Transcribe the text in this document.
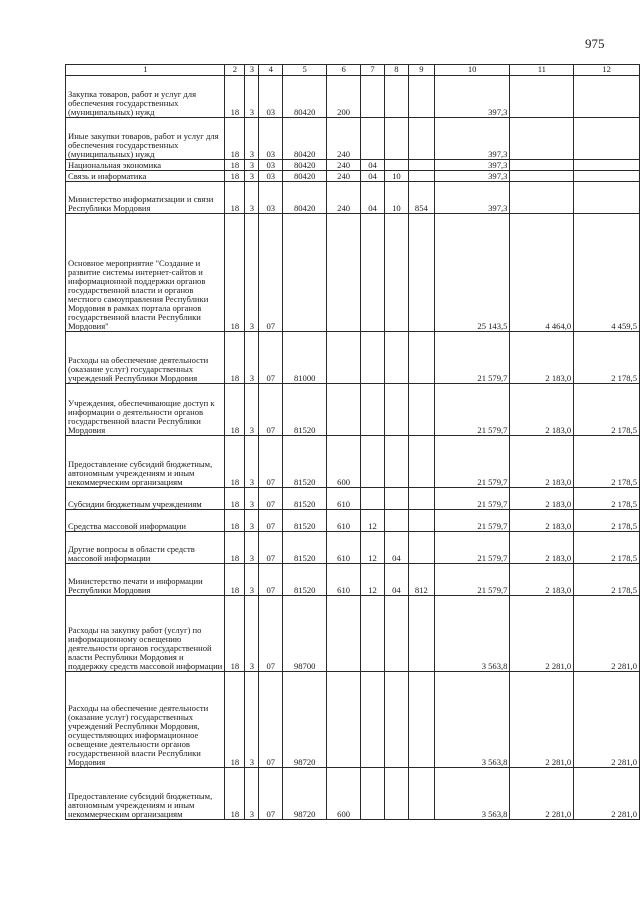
975
1	2	3	4	5	6	7	8	9	10	11	12
Закупка товаров, работ и услуг для обеспечения государственных (муниципальных) нужд	18	3	03	80420	200				397,3		
Иные закупки товаров, работ и услуг для обеспечения государственных (муниципальных) нужд	18	3	03	80420	240				397,3		
Национальная экономика	18	3	03	80420	240	04			397,3		
Связь и информатика	18	3	03	80420	240	04	10		397,3		
Министерство информатизации и связи Республики Мордовия	18	3	03	80420	240	04	10	854	397,3		
Основное мероприятие "Создание и развитие системы интернет-сайтов и информационной поддержки органов государственной власти и органов местного самоуправления Республики Мордовия в рамках портала органов государственной власти Республики Мордовия"	18	3	07						25 143,5	4 464,0	4 459,5
Расходы на обеспечение деятельности (оказание услуг) государственных учреждений Республики Мордовия	18	3	07	81000					21 579,7	2 183,0	2 178,5
Учреждения, обеспечивающие доступ к информации о деятельности органов государственной власти Республики Мордовия	18	3	07	81520					21 579,7	2 183,0	2 178,5
Предоставление субсидий бюджетным, автономным учреждениям и иным некоммерческим организациям	18	3	07	81520	600				21 579,7	2 183,0	2 178,5
Субсидии бюджетным учреждениям	18	3	07	81520	610				21 579,7	2 183,0	2 178,5
Средства массовой информации	18	3	07	81520	610	12			21 579,7	2 183,0	2 178,5
Другие вопросы в области средств массовой информации	18	3	07	81520	610	12	04		21 579,7	2 183,0	2 178,5
Министерство печати и информации Республики Мордовия	18	3	07	81520	610	12	04	812	21 579,7	2 183,0	2 178,5
Расходы на закупку работ (услуг) по информационному освещению деятельности органов государственной власти Республики Мордовия и поддержку средств массовой информации	18	3	07	98700					3 563,8	2 281,0	2 281,0
Расходы на обеспечение деятельности (оказание услуг) государственных учреждений Республики Мордовия, осуществляющих информационное освещение деятельности органов государственной власти Республики Мордовия	18	3	07	98720					3 563,8	2 281,0	2 281,0
Предоставление субсидий бюджетным, автономным учреждениям и иным некоммерческим организациям	18	3	07	98720	600				3 563,8	2 281,0	2 281,0
